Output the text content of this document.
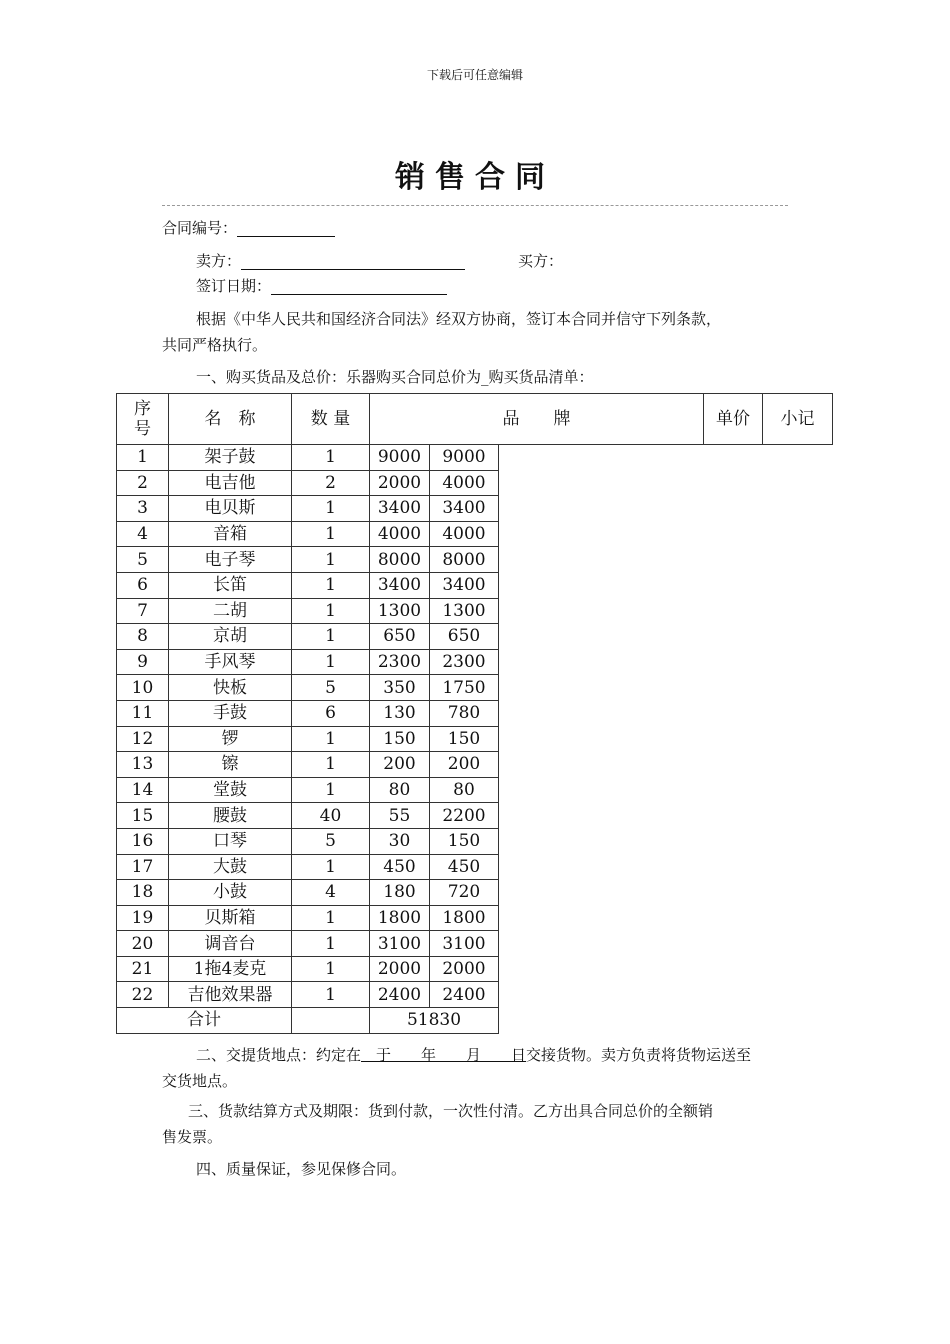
下载后可任意编辑
销售合同
合同编号：
卖方：	买方：
签订日期：
根据《中华人民共和国经济合同法》经双方协商，签订本合同并信守下列条款，
共同严格执行。
一、购买货品及总价：乐器购买合同总价为_购买货品清单：
序
号	名　称	数 量	品　　牌			单价	小记
1	架子鼓	1	9000	9000			
2	电吉他	2	2000	4000			
3	电贝斯	1	3400	3400			
4	音箱	1	4000	4000			
5	电子琴	1	8000	8000			
6	长笛	1	3400	3400			
7	二胡	1	1300	1300			
8	京胡	1	650	650			
9	手风琴	1	2300	2300			
10	快板	5	350	1750			
11	手鼓	6	130	780			
12	锣	1	150	150			
13	镲	1	200	200			
14	堂鼓	1	80	80			
15	腰鼓	40	55	2200			
16	口琴	5	30	150			
17	大鼓	1	450	450			
18	小鼓	4	180	720			
19	贝斯箱	1	1800	1800			
20	调音台	1	3100	3100			
21	1拖4麦克	1	2000	2000			
22	吉他效果器	1	2400	2400			
合计			51830				
二、交提货地点：约定在　于　　年　　月　　日交接货物。卖方负责将货物运送至
交货地点。
三、货款结算方式及期限：货到付款，一次性付清。乙方出具合同总价的全额销
售发票。
四、质量保证，参见保修合同。
